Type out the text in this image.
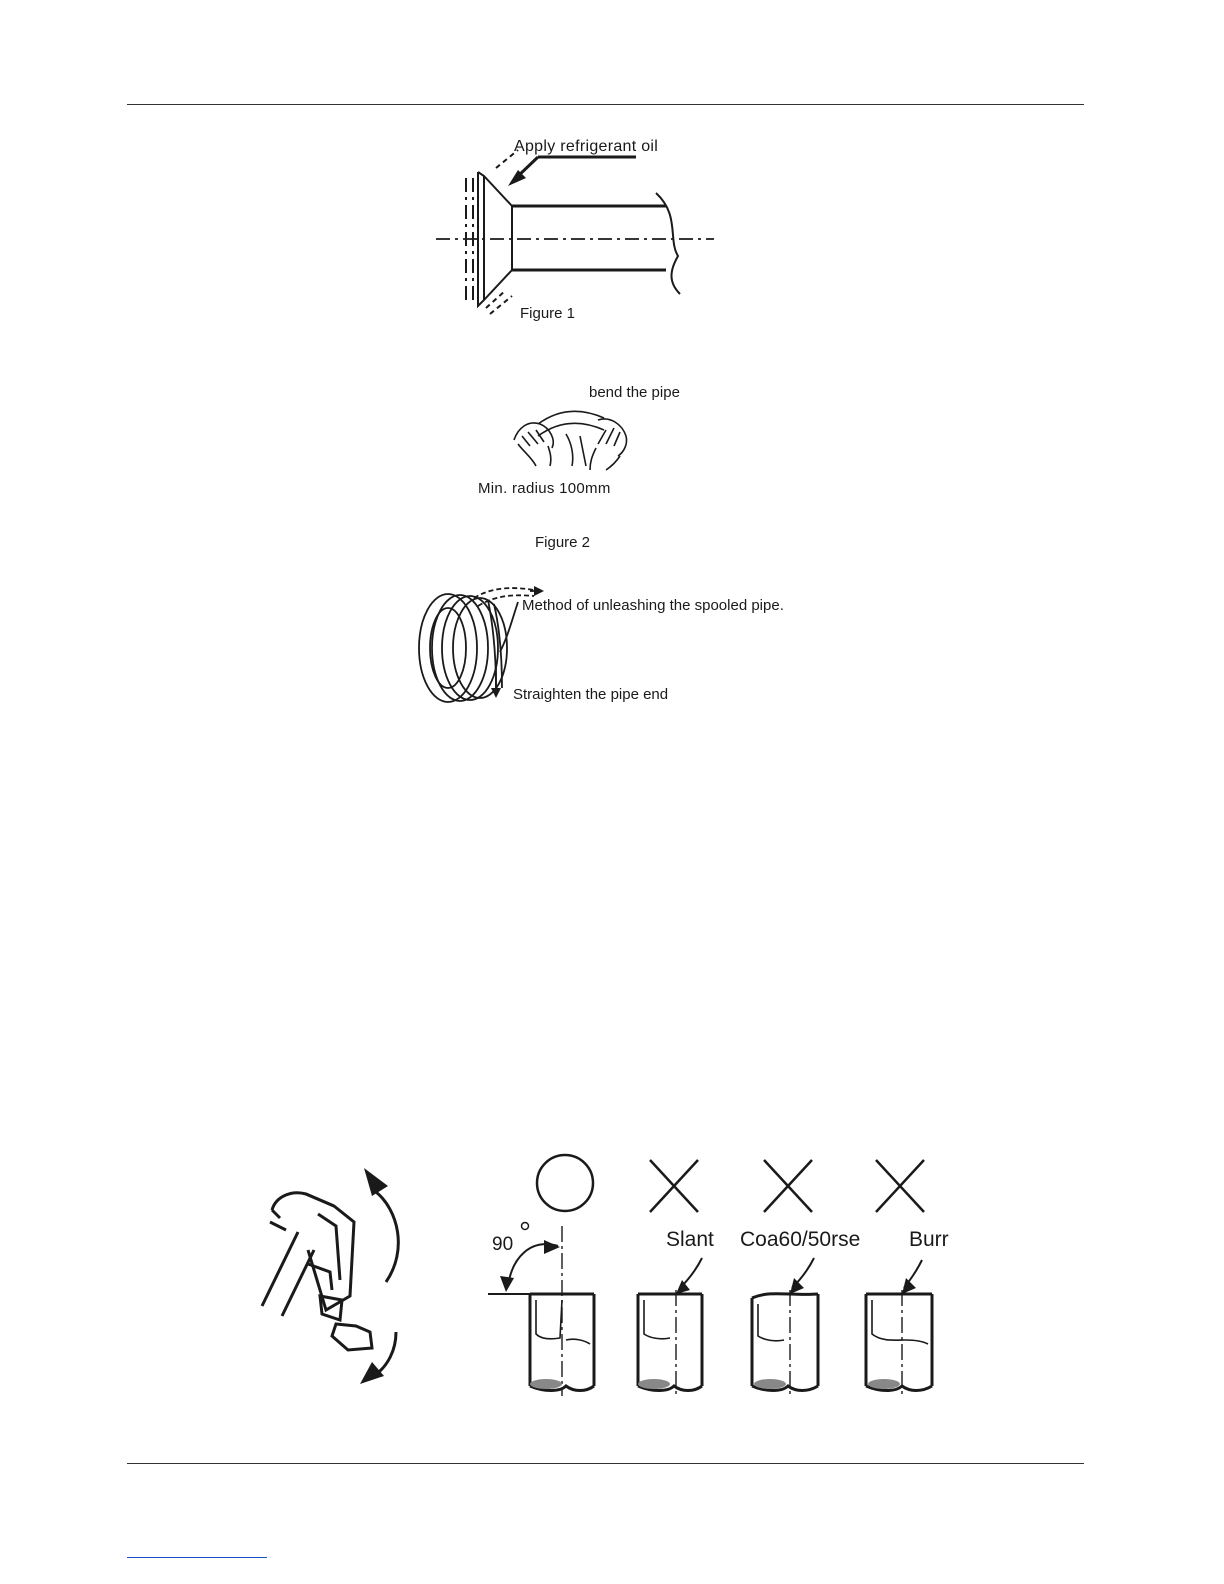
Apply refrigerant oil
Figure 1
bend the pipe
Min. radius 100mm
Figure 2
Method of unleashing the spooled pipe.
Straighten the pipe end
90	Slant Coa60/50rse Burr
